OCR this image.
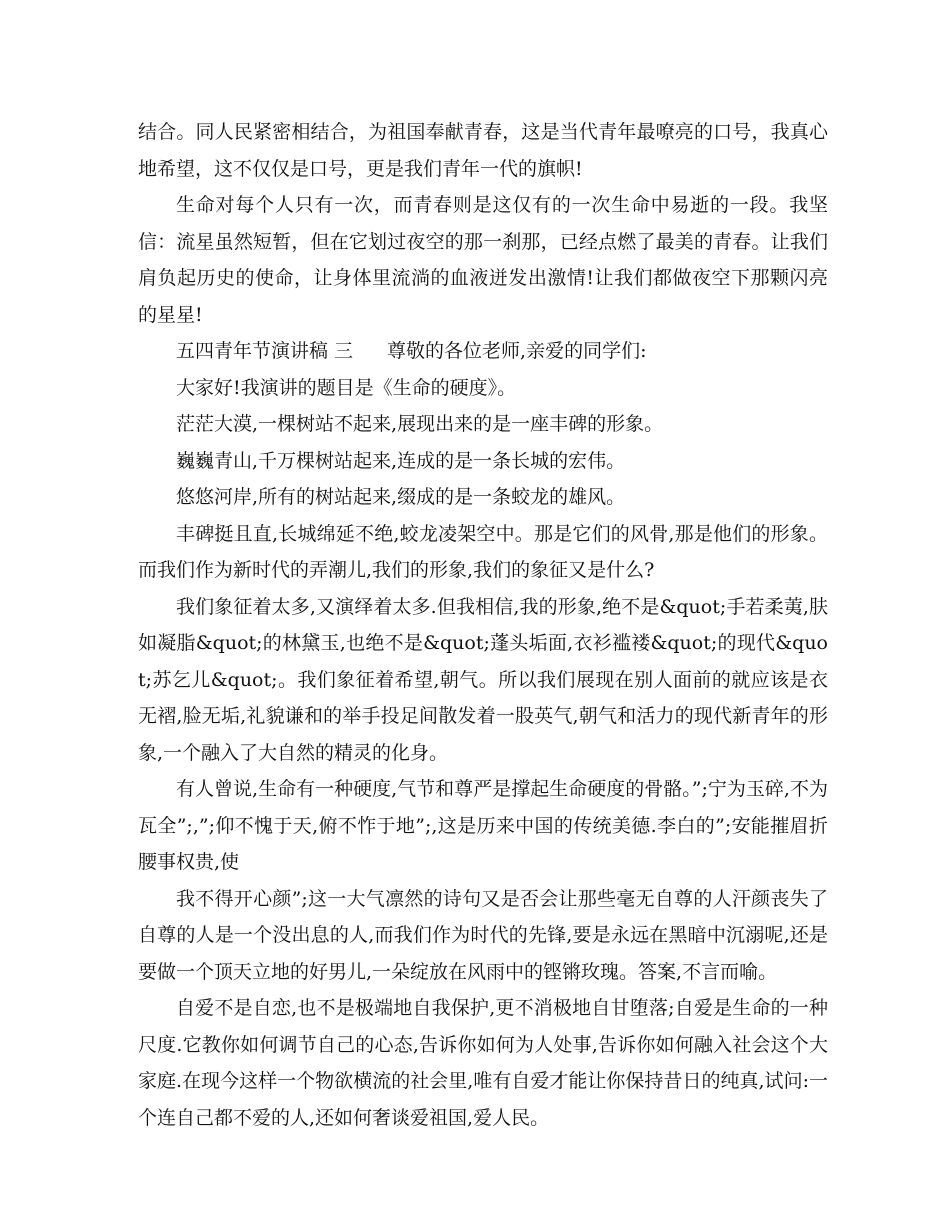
结合。同人民紧密相结合，为祖国奉献青春，这是当代青年最嘹亮的口号，我真心地希望，这不仅仅是口号，更是我们青年一代的旗帜!

生命对每个人只有一次，而青春则是这仅有的一次生命中易逝的一段。我坚信：流星虽然短暂，但在它划过夜空的那一刹那，已经点燃了最美的青春。让我们肩负起历史的使命，让身体里流淌的血液迸发出激情!让我们都做夜空下那颗闪亮的星星!

五四青年节演讲稿 三 尊敬的各位老师,亲爱的同学们:

大家好!我演讲的题目是《生命的硬度》。

茫茫大漠,一棵树站不起来,展现出来的是一座丰碑的形象。

巍巍青山,千万棵树站起来,连成的是一条长城的宏伟。

悠悠河岸,所有的树站起来,缀成的是一条蛟龙的雄风。

丰碑挺且直,长城绵延不绝,蛟龙凌架空中。那是它们的风骨,那是他们的形象。而我们作为新时代的弄潮儿,我们的形象,我们的象征又是什么?

我们象征着太多,又演绎着太多.但我相信,我的形象,绝不是&quot;手若柔荑,肤如凝脂&quot;的林黛玉,也绝不是&quot;蓬头垢面,衣衫褴褛&quot;的现代&quot;苏乞儿&quot;。我们象征着希望,朝气。所以我们展现在别人面前的就应该是衣无褶,脸无垢,礼貌谦和的举手投足间散发着一股英气,朝气和活力的现代新青年的形象,一个融入了大自然的精灵的化身。

有人曾说,生命有一种硬度,气节和尊严是撑起生命硬度的骨骼。”;宁为玉碎,不为瓦全”;,”;仰不愧于天,俯不怍于地”;,这是历来中国的传统美德.李白的”;安能摧眉折腰事权贵,使

我不得开心颜”;这一大气凛然的诗句又是否会让那些毫无自尊的人汗颜丧失了自尊的人是一个没出息的人,而我们作为时代的先锋,要是永远在黑暗中沉溺呢,还是要做一个顶天立地的好男儿,一朵绽放在风雨中的铿锵玫瑰。答案,不言而喻。

自爱不是自恋,也不是极端地自我保护,更不消极地自甘堕落;自爱是生命的一种尺度.它教你如何调节自己的心态,告诉你如何为人处事,告诉你如何融入社会这个大家庭.在现今这样一个物欲横流的社会里,唯有自爱才能让你保持昔日的纯真,试问:一个连自己都不爱的人,还如何奢谈爱祖国,爱人民。
